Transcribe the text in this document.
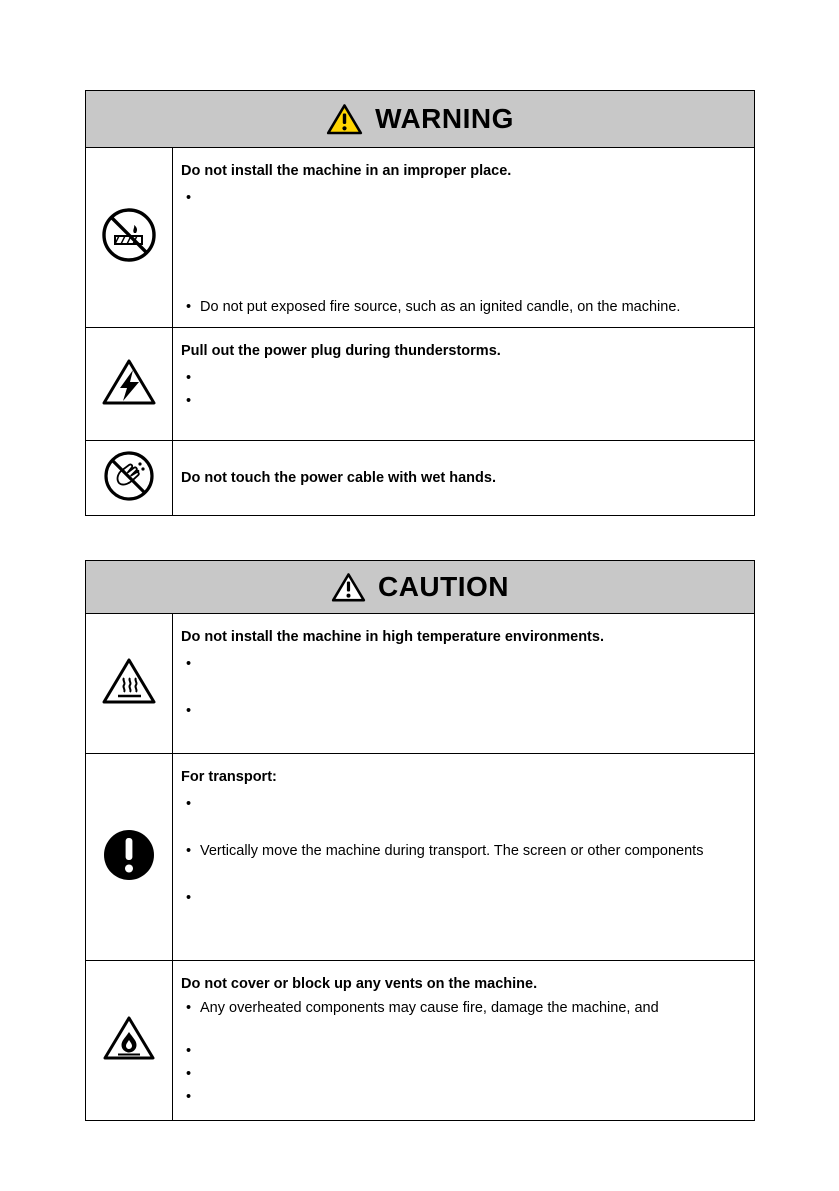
WARNING
Do not install the machine in an improper place.
•
• Do not put exposed fire source, such as an ignited candle, on the machine.
Pull out the power plug during thunderstorms.
•
•
Do not touch the power cable with wet hands.
CAUTION
Do not install the machine in high temperature environments.
•
•
For transport:
•
• Vertically move the machine during transport. The screen or other components
•
Do not cover or block up any vents on the machine.
• Any overheated components may cause fire, damage the machine, and
•
•
•
